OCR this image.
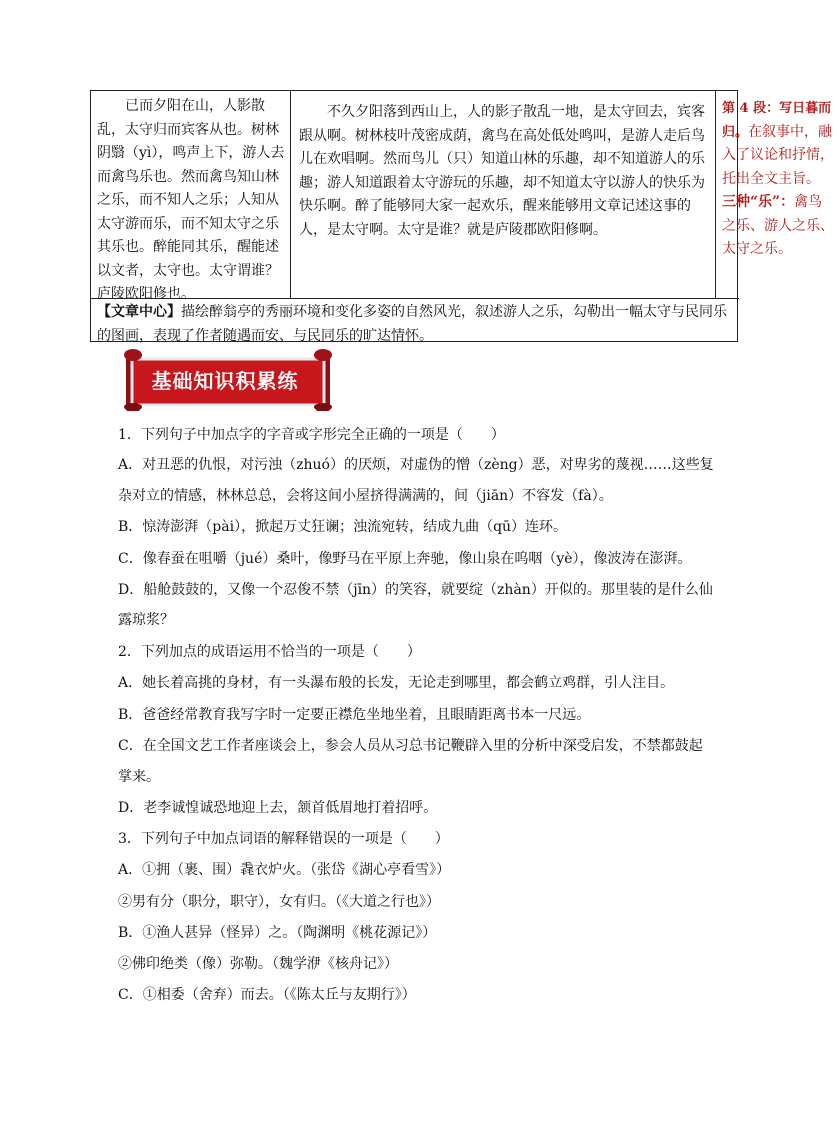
已而夕阳在山，人影散乱，太守归而宾客从也。树林阴翳（yì），鸣声上下，游人去而禽鸟乐也。然而禽鸟知山林之乐，而不知人之乐；人知从太守游而乐，而不知太守之乐其乐也。醉能同其乐，醒能述以文者，太守也。太守谓谁？庐陵欧阳修也。
不久夕阳落到西山上，人的影子散乱一地，是太守回去，宾客跟从啊。树林枝叶茂密成荫，禽鸟在高处低处鸣叫，是游人走后鸟儿在欢唱啊。然而鸟儿（只）知道山林的乐趣，却不知道游人的乐趣；游人知道跟着太守游玩的乐趣，却不知道太守以游人的快乐为快乐啊。醉了能够同大家一起欢乐，醒来能够用文章记述这事的人，是太守啊。太守是谁？就是庐陵郡欧阳修啊。
第 4 段：写日暮而归。在叙事中，融入了议论和抒情，托出全文主旨。
三种“乐”：禽鸟之乐、游人之乐、太守之乐。
【文章中心】描绘醉翁亭的秀丽环境和变化多姿的自然风光，叙述游人之乐，勾勒出一幅太守与民同乐的图画，表现了作者随遇而安、与民同乐的旷达情怀。
基础知识积累练
1．下列句子中加点字的字音或字形完全正确的一项是（　　）
A．对丑恶的仇恨，对污浊（zhuó）的厌烦，对虚伪的憎（zèng）恶，对卑劣的蔑视……这些复
杂对立的情感，林林总总，会将这间小屋挤得满满的，间（jiān）不容发（fà）。
B．惊涛澎湃（pài），掀起万丈狂谰；浊流宛转，结成九曲（qū）连环。
C．像春蚕在咀嚼（jué）桑叶，像野马在平原上奔驰，像山泉在呜咽（yè），像波涛在澎湃。
D．船舱鼓鼓的，又像一个忍俊不禁（jīn）的笑容，就要绽（zhàn）开似的。那里装的是什么仙
露琼浆？
2．下列加点的成语运用不恰当的一项是（　　）
A．她长着高挑的身材，有一头瀑布般的长发，无论走到哪里，都会鹤立鸡群，引人注目。
B．爸爸经常教育我写字时一定要正襟危坐地坐着，且眼睛距离书本一尺远。
C．在全国文艺工作者座谈会上，参会人员从习总书记鞭辟入里的分析中深受启发，不禁都鼓起
掌来。
D．老李诚惶诚恐地迎上去，颔首低眉地打着招呼。
3．下列句子中加点词语的解释错误的一项是（　　）
A．①拥（裹、围）毳衣炉火。（张岱《湖心亭看雪》）
②男有分（职分，职守），女有归。（《大道之行也》）
B．①渔人甚异（怪异）之。（陶渊明《桃花源记》）
②佛印绝类（像）弥勒。（魏学洢《核舟记》）
C．①相委（舍弃）而去。（《陈太丘与友期行》）
